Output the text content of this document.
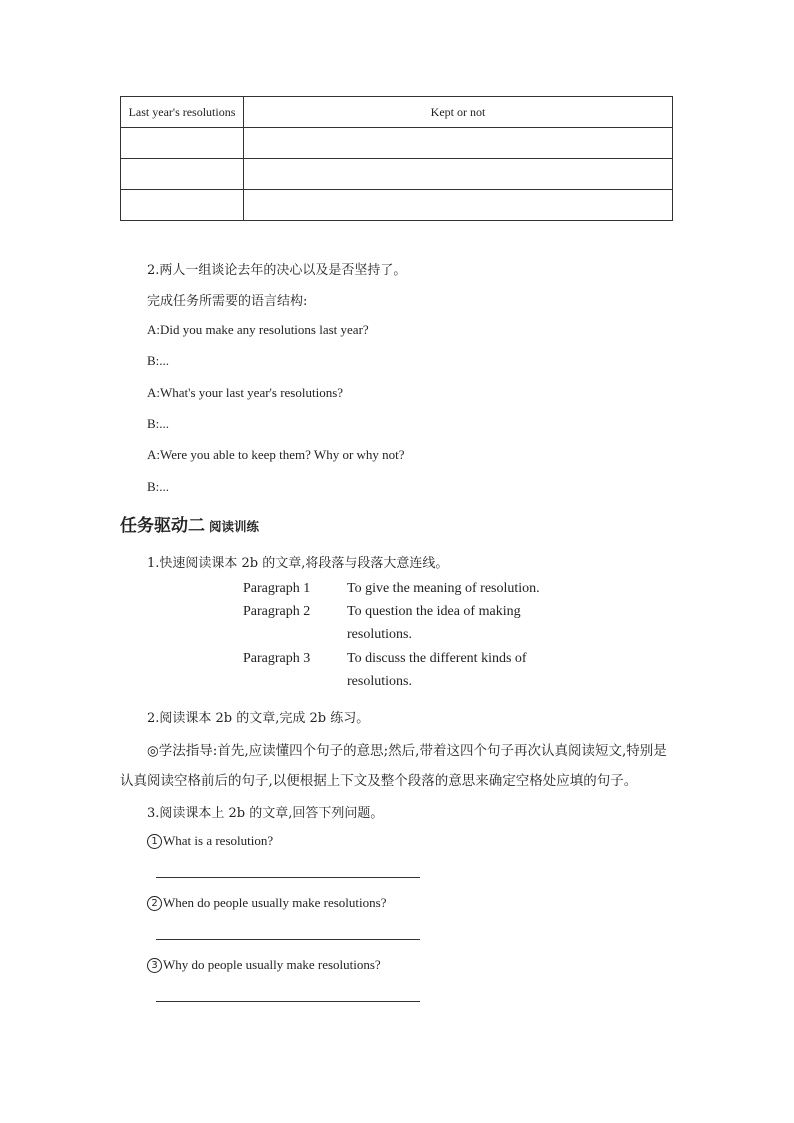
Last year's resolutions	Kept or not

2.两人一组谈论去年的决心以及是否坚持了。
完成任务所需要的语言结构:
A:Did you make any resolutions last year?
B:...
A:What's your last year's resolutions?
B:...
A:Were you able to keep them? Why or why not?
B:...
任务驱动二 阅读训练
1.快速阅读课本 2b 的文章,将段落与段落大意连线。
Paragraph 1	To give the meaning of resolution.
Paragraph 2	To question the idea of making
resolutions.
Paragraph 3	To discuss the different kinds of
resolutions.
2.阅读课本 2b 的文章,完成 2b 练习。
◎学法指导:首先,应读懂四个句子的意思;然后,带着这四个句子再次认真阅读短文,特别是认真阅读空格前后的句子,以便根据上下文及整个段落的意思来确定空格处应填的句子。
3.阅读课本上 2b 的文章,回答下列问题。
1 What is a resolution?
2 When do people usually make resolutions?
3 Why do people usually make resolutions?
